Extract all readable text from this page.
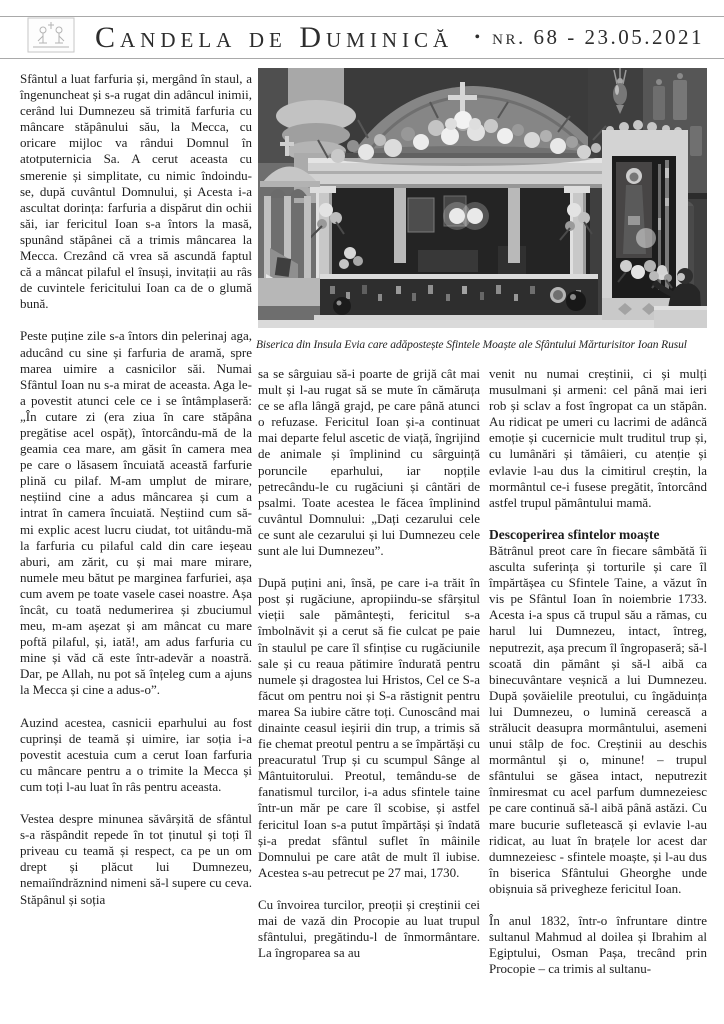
Candela de Duminică • nr. 68 - 23.05.2021

Sfântul a luat farfuria și, mergând în staul, a îngenuncheat și s-a rugat din adâncul inimii, cerând lui Dumnezeu să trimită farfuria cu mâncare stăpânului său, la Mecca, cu oricare mijloc va rândui Domnul în atotputernicia Sa. A cerut aceasta cu smerenie și simplitate, cu nimic îndoindu-se, după cuvântul Domnului, și Acesta i-a ascultat dorința: farfuria a dispărut din ochii săi, iar fericitul Ioan s-a întors la masă, spunând stăpânei că a trimis mâncarea la Mecca. Crezând că vrea să ascundă faptul că a mâncat pilaful el însuși, invitații au râs de cuvintele fericitului Ioan ca de o glumă bună.

Peste puține zile s-a întors din pelerinaj aga, aducând cu sine și farfuria de aramă, spre marea uimire a casnicilor săi. Numai Sfântul Ioan nu s-a mirat de aceasta. Aga le-a povestit atunci cele ce i se întâmplaseră: „În cutare zi (era ziua în care stăpâna pregătise acel ospăț), întorcându-mă de la geamia cea mare, am găsit în camera mea pe care o lăsasem încuiată această farfurie plină cu pilaf. M-am umplut de mirare, neștiind cine a adus mâncarea și cum a intrat în camera încuiată. Neștiind cum să-mi explic acest lucru ciudat, tot uitându-mă la farfuria cu pilaful cald din care ieșeau aburi, am zărit, cu și mai mare mirare, numele meu bătut pe marginea farfuriei, așa cum avem pe toate vasele casei noastre. Așa încât, cu toată nedumerirea și zbuciumul meu, m-am așezat și am mâncat cu mare poftă pilaful, și, iată!, am adus farfuria cu mine și văd că este într-adevăr a noastră. Dar, pe Allah, nu pot să înțeleg cum a ajuns la Mecca și cine a adus-o”.

Auzind acestea, casnicii eparhului au fost cuprinși de teamă și uimire, iar soția i-a povestit acestuia cum a cerut Ioan farfuria cu mâncare pentru a o trimite la Mecca și cum toți l-au luat în râs pentru aceasta.

Vestea despre minunea săvârșită de sfântul s-a răspândit repede în tot ținutul și toți îl priveau cu teamă și respect, ca pe un om drept și plăcut lui Dumnezeu, nemaiîndrăznind nimeni să-l supere cu ceva. Stăpânul și soția

Biserica din Insula Evia care adăpostește Sfintele Moaște ale Sfântului Mărturisitor Ioan Rusul

sa se sârguiau să-i poarte de grijă cât mai mult și l-au rugat să se mute în cămăruța ce se afla lângă grajd, pe care până atunci o refuzase. Fericitul Ioan și-a continuat mai departe felul ascetic de viață, îngrijind de animale și împlinind cu sârguință poruncile eparhului, iar nopțile petrecându-le cu rugăciuni și cântări de psalmi. Toate acestea le făcea împlinind cuvântul Domnului: „Dați cezarului cele ce sunt ale cezarului și lui Dumnezeu cele sunt ale lui Dumnezeu”.

După puțini ani, însă, pe care i-a trăit în post și rugăciune, apropiindu-se sfârșitul vieții sale pământești, fericitul s-a îmbolnăvit și a cerut să fie culcat pe paie în staulul pe care îl sfințise cu rugăciunile sale și cu reaua pătimire îndurată pentru numele și dragostea lui Hristos, Cel ce S-a făcut om pentru noi și S-a răstignit pentru marea Sa iubire către toți. Cunoscând mai dinainte ceasul ieșirii din trup, a trimis să fie chemat preotul pentru a se împărtăși cu preacuratul Trup și cu scumpul Sânge al Mântuitorului. Preotul, temându-se de fanatismul turcilor, i-a adus sfintele taine într-un măr pe care îl scobise, și astfel fericitul Ioan s-a putut împărtăși și îndată și-a predat sfântul suflet în mâinile Domnului pe care atât de mult îl iubise. Acestea s-au petrecut pe 27 mai, 1730.

Cu învoirea turcilor, preoții și creștinii cei mai de vază din Procopie au luat trupul sfântului, pregătindu-l de înmormântare. La îngroparea sa au

venit nu numai creștinii, ci și mulți musulmani și armeni: cel până mai ieri rob și sclav a fost îngropat ca un stăpân. Au ridicat pe umeri cu lacrimi de adâncă emoție și cucernicie mult truditul trup și, cu lumânări și tămâieri, cu atenție și evlavie l-au dus la cimitirul creștin, la mormântul ce-i fusese pregătit, întorcând astfel trupul pământului mamă.

Descoperirea sfintelor moaște

Bătrânul preot care în fiecare sâmbătă îi asculta suferința și torturile și care îl împărtășea cu Sfintele Taine, a văzut în vis pe Sfântul Ioan în noiembrie 1733. Acesta i-a spus că trupul său a rămas, cu harul lui Dumnezeu, intact, întreg, neputrezit, așa precum îl îngropaseră; să-l scoată din pământ și să-l aibă ca binecuvântare veșnică a lui Dumnezeu. După șovăielile preotului, cu îngăduința lui Dumnezeu, o lumină cerească a strălucit deasupra mormântului, asemeni unui stâlp de foc. Creștinii au deschis mormântul și o, minune! – trupul sfântului se găsea intact, neputrezit înmiresmat cu acel parfum dumnezeiesc pe care continuă să-l aibă până astăzi. Cu mare bucurie sufletească și evlavie l-au ridicat, au luat în brațele lor acest dar dumnezeiesc - sfintele moaște, și l-au dus în biserica Sfântului Gheorghe unde obișnuia să privegheze fericitul Ioan.

În anul 1832, într-o înfruntare dintre sultanul Mahmud al doilea și Ibrahim al Egiptului, Osman Pașa, trecând prin Procopie – ca trimis al sultanu-
